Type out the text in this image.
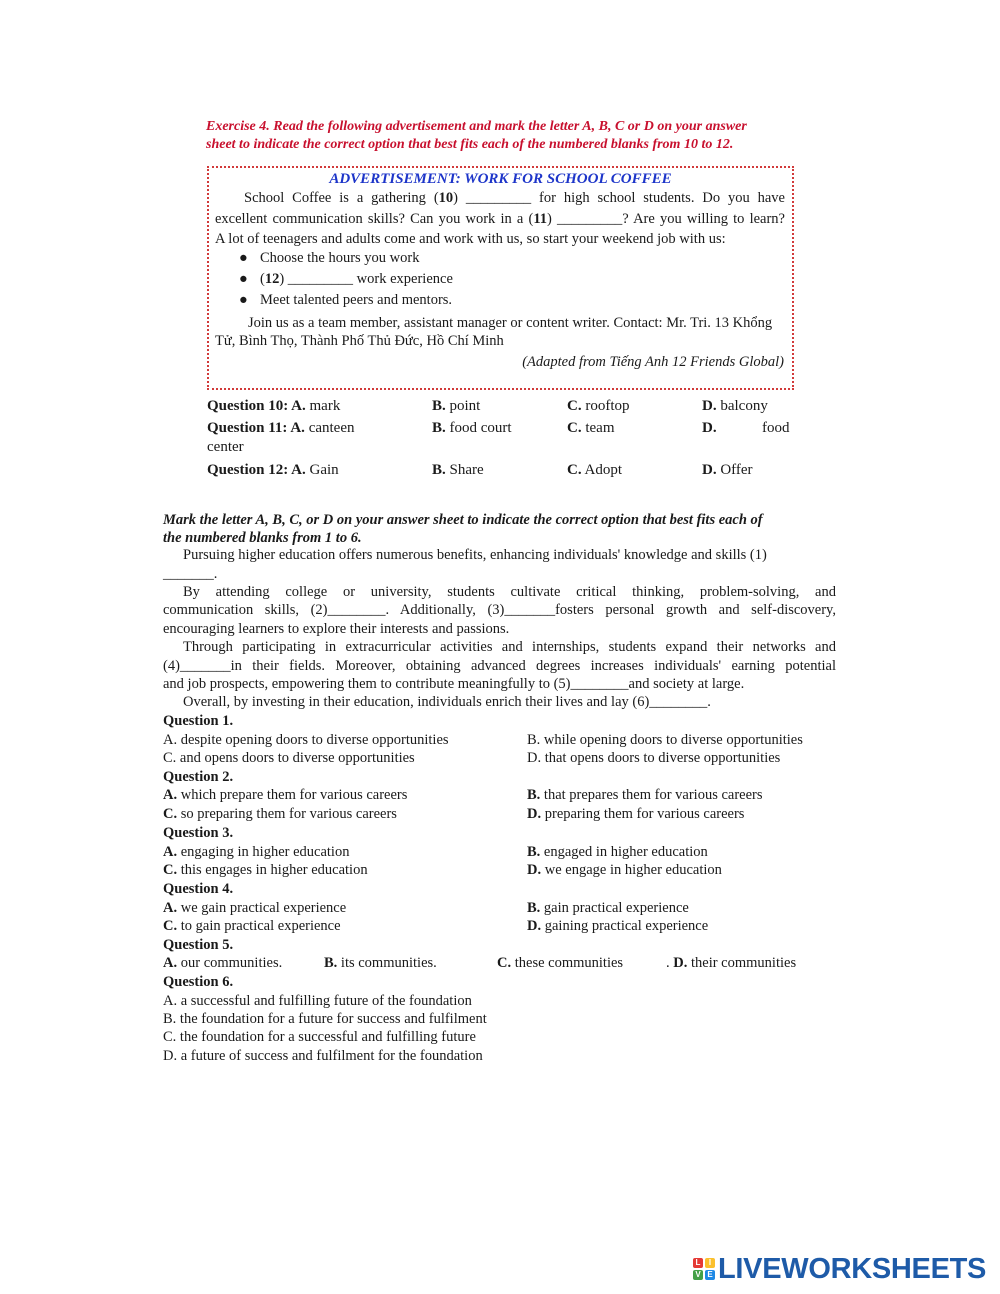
Exercise 4. Read the following advertisement and mark the letter A, B, C or D on your answer
sheet to indicate the correct option that best fits each of the numbered blanks from 10 to 12.
ADVERTISEMENT: WORK FOR SCHOOL COFFEE
School Coffee is a gathering (10) _________ for high school students. Do you have
excellent communication skills? Can you work in a (11) _________? Are you willing to learn?
A lot of teenagers and adults come and work with us, so start your weekend job with us:
● Choose the hours you work
● (12) _________ work experience
● Meet talented peers and mentors.
Join us as a team member, assistant manager or content writer. Contact: Mr. Tri. 13 Khổng
Tử, Bình Thọ, Thành Phố Thủ Đức, Hồ Chí Minh
(Adapted from Tiếng Anh 12 Friends Global)
Question 10: A. mark	B. point	C. rooftop	D. balcony
Question 11: A. canteen	B. food court	C. team	D.	food
center
Question 12: A. Gain	B. Share	C. Adopt	D. Offer
Mark the letter A, B, C, or D on your answer sheet to indicate the correct option that best fits each of
the numbered blanks from 1 to 6.
Pursuing higher education offers numerous benefits, enhancing individuals' knowledge and skills (1)
_______.
By attending college or university, students cultivate critical thinking, problem-solving, and
communication skills, (2)________. Additionally, (3)_______fosters personal growth and self-discovery,
encouraging learners to explore their interests and passions.
Through participating in extracurricular activities and internships, students expand their networks and
(4)_______in their fields. Moreover, obtaining advanced degrees increases individuals' earning potential
and job prospects, empowering them to contribute meaningfully to (5)________and society at large.
Overall, by investing in their education, individuals enrich their lives and lay (6)________.
Question 1.
A. despite opening doors to diverse opportunities	B. while opening doors to diverse opportunities
C. and opens doors to diverse opportunities	D. that opens doors to diverse opportunities
Question 2.
A. which prepare them for various careers	B. that prepares them for various careers
C. so preparing them for various careers	D. preparing them for various careers
Question 3.
A. engaging in higher education	B. engaged in higher education
C. this engages in higher education	D. we engage in higher education
Question 4.
A. we gain practical experience	B. gain practical experience
C. to gain practical experience	D. gaining practical experience
Question 5.
A. our communities.	B. its communities.	C. these communities	. D. their communities
Question 6.
A. a successful and fulfilling future of the foundation
B. the foundation for a future for success and fulfilment
C. the foundation for a successful and fulfilling future
D. a future of success and fulfilment for the foundation
L	I
V E LIVEWORKSHEETS
